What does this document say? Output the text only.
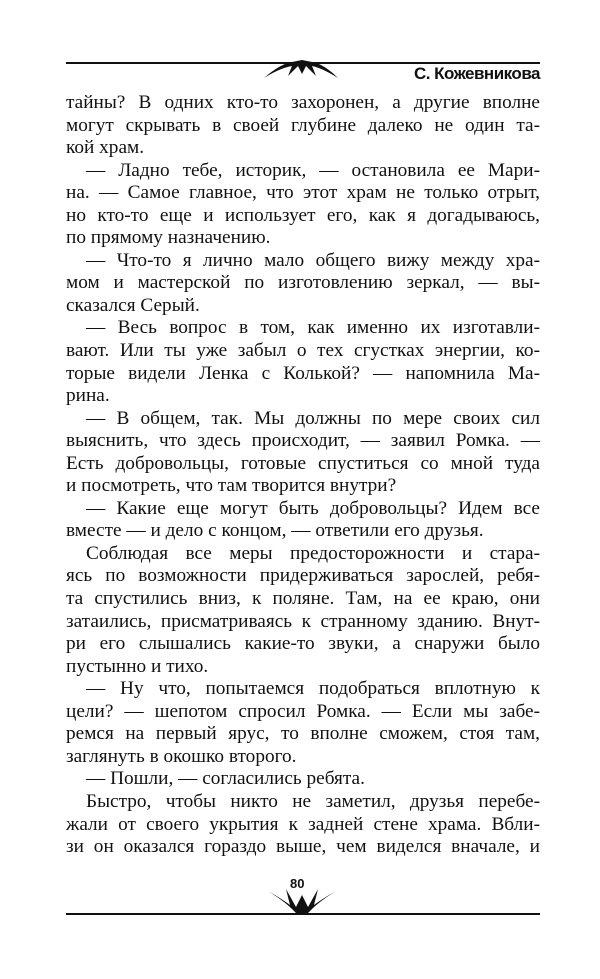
С. Кожевникова
тайны? В одних кто-то захоронен, а другие вполне
могут скрывать в своей глубине далеко не один та-
кой храм.
— Ладно тебе, историк, — остановила ее Мари-
на. — Самое главное, что этот храм не только отрыт,
но кто-то еще и использует его, как я догадываюсь,
по прямому назначению.
— Что-то я лично мало общего вижу между хра-
мом и мастерской по изготовлению зеркал, — вы-
сказался Серый.
— Весь вопрос в том, как именно их изготавли-
вают. Или ты уже забыл о тех сгустках энергии, ко-
торые видели Ленка с Колькой? — напомнила Ма-
рина.
— В общем, так. Мы должны по мере своих сил
выяснить, что здесь происходит, — заявил Ромка. —
Есть добровольцы, готовые спуститься со мной туда
и посмотреть, что там творится внутри?
— Какие еще могут быть добровольцы? Идем все
вместе — и дело с концом, — ответили его друзья.
Соблюдая все меры предосторожности и стара-
ясь по возможности придерживаться зарослей, ребя-
та спустились вниз, к поляне. Там, на ее краю, они
затаились, присматриваясь к странному зданию. Внут-
ри его слышались какие-то звуки, а снаружи было
пустынно и тихо.
— Ну что, попытаемся подобраться вплотную к
цели? — шепотом спросил Ромка. — Если мы забе-
ремся на первый ярус, то вполне сможем, стоя там,
заглянуть в окошко второго.
— Пошли, — согласились ребята.
Быстро, чтобы никто не заметил, друзья перебе-
жали от своего укрытия к задней стене храма. Вбли-
зи он оказался гораздо выше, чем виделся вначале, и
80
